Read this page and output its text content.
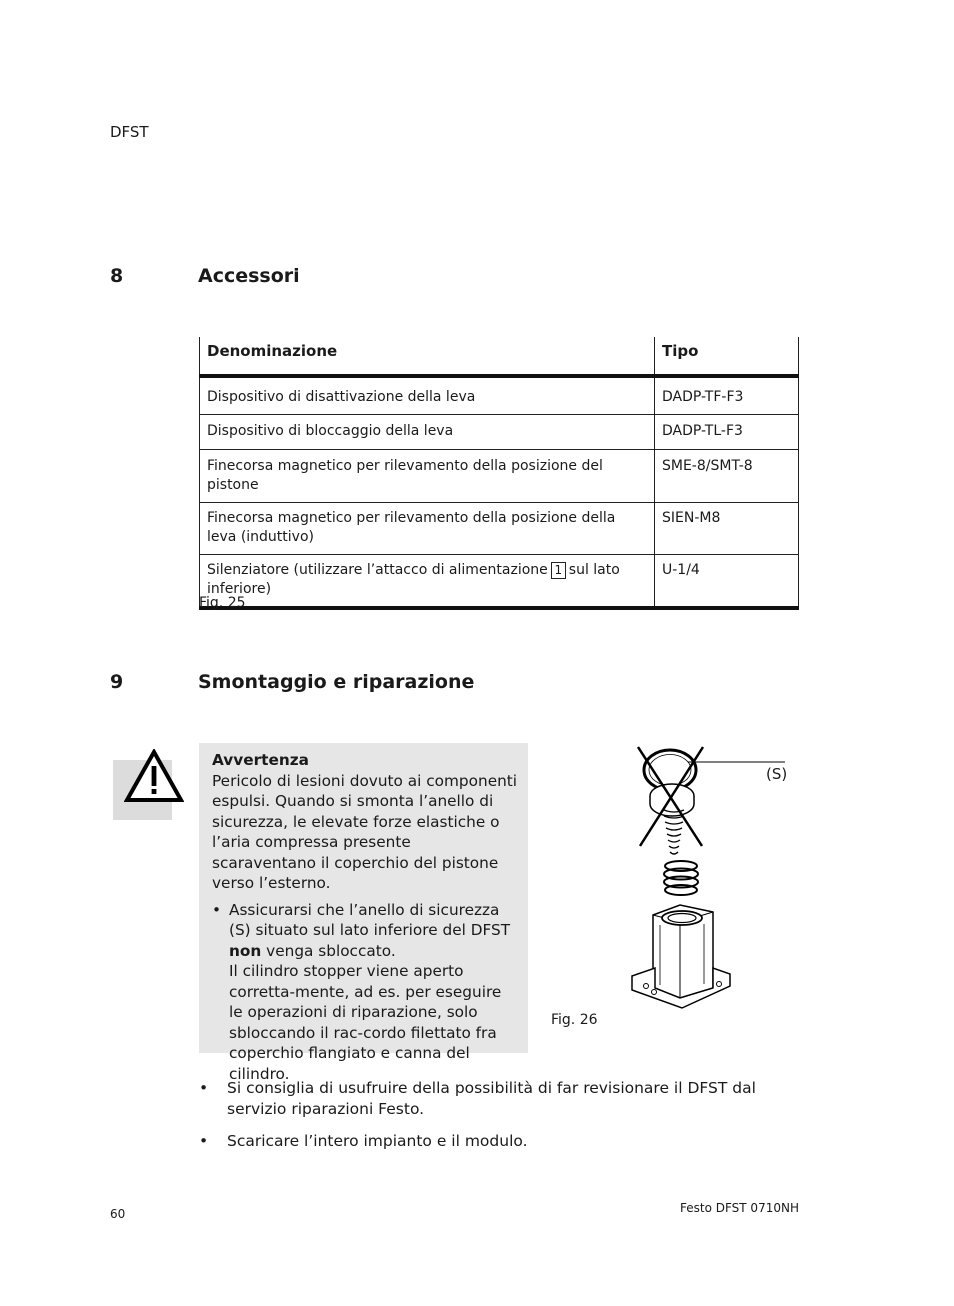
DFST
8	Accessori
Denominazione	Tipo
Dispositivo di disattivazione della leva	DADP-TF-F3
Dispositivo di bloccaggio della leva	DADP-TL-F3
Finecorsa magnetico per rilevamento della posizione del pistone	SME-8/SMT-8
Finecorsa magnetico per rilevamento della posizione della leva (induttivo)	SIEN-M8
Silenziatore (utilizzare l’attacco di alimentazione 1 sul lato inferiore)	U-1/4
Fig. 25
9	Smontaggio e riparazione
Avvertenza
Pericolo di lesioni dovuto ai componenti espulsi. Quando si smonta l’anello di sicurezza, le elevate forze elastiche o l’aria compressa presente scaraventano il coperchio del pistone verso l’esterno.
• Assicurarsi che l’anello di sicurezza (S) situato sul lato inferiore del DFST non venga sbloccato.
Il cilindro stopper viene aperto corretta-mente, ad es. per eseguire le operazioni di riparazione, solo sbloccando il rac-cordo filettato fra coperchio flangiato e canna del cilindro.
(S)
Fig. 26
• Si consiglia di usufruire della possibilità di far revisionare il DFST dal servizio riparazioni Festo.
• Scaricare l’intero impianto e il modulo.
60	Festo DFST 0710NH
